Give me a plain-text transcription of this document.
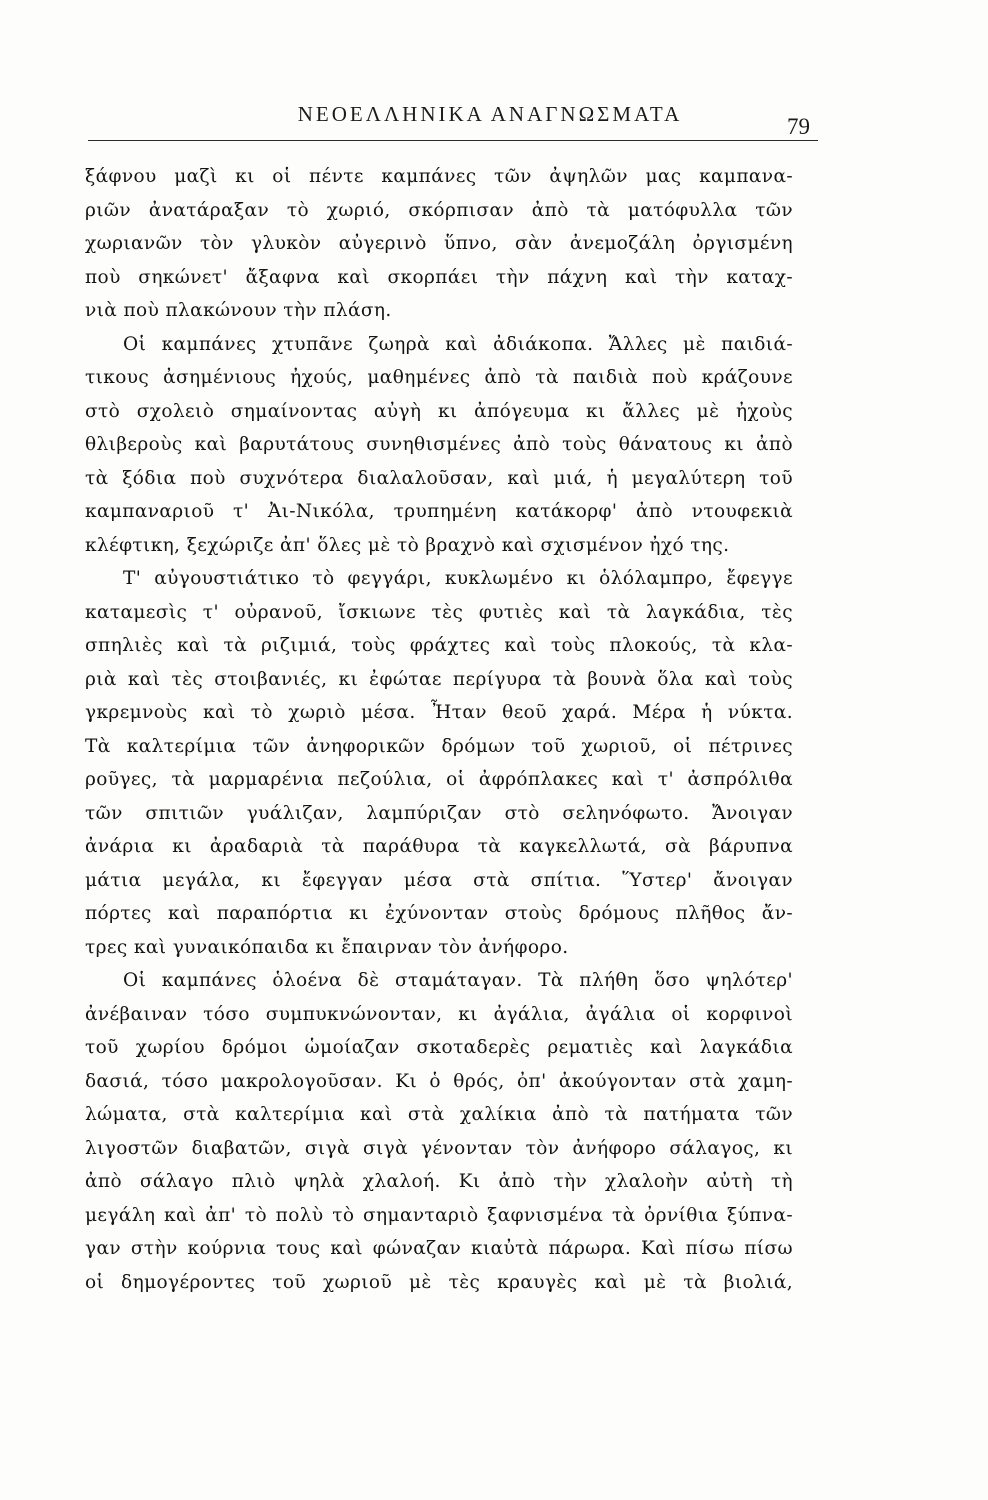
ΝΕΟΕΛΛΗΝΙΚΑ ΑΝΑΓΝΩΣΜΑΤΑ	79
ξάφνου μαζὶ κι οἱ πέντε καμπάνες τῶν ἀψηλῶν μας καμπανα-
ριῶν ἀνατάραξαν τὸ χωριό, σκόρπισαν ἀπὸ τὰ ματόφυλλα τῶν
χωριανῶν τὸν γλυκὸν αὐγερινὸ ὕπνο, σὰν ἀνεμοζάλη ὀργισμένη
ποὺ σηκώνετ' ἄξαφνα καὶ σκορπάει τὴν πάχνη καὶ τὴν καταχ-
νιὰ ποὺ πλακώνουν τὴν πλάση.
Οἱ καμπάνες χτυπᾶνε ζωηρὰ καὶ ἀδιάκοπα. Ἄλλες μὲ παιδιά-
τικους ἀσημένιους ἠχούς, μαθημένες ἀπὸ τὰ παιδιὰ ποὺ κράζουνε
στὸ σχολειὸ σημαίνοντας αὐγὴ κι ἀπόγευμα κι ἄλλες μὲ ἠχοὺς
θλιβεροὺς καὶ βαρυτάτους συνηθισμένες ἀπὸ τοὺς θάνατους κι ἀπὸ
τὰ ξόδια ποὺ συχνότερα διαλαλοῦσαν, καὶ μιά, ἡ μεγαλύτερη τοῦ
καμπαναριοῦ τ' Ἀι-Νικόλα, τρυπημένη κατάκορφ' ἀπὸ ντουφεκιὰ
κλέφτικη, ξεχώριζε ἀπ' ὅλες μὲ τὸ βραχνὸ καὶ σχισμένον ἠχό της.
Τ' αὐγουστιάτικο τὸ φεγγάρι, κυκλωμένο κι ὁλόλαμπρο, ἔφεγγε
καταμεσὶς τ' οὐρανοῦ, ἴσκιωνε τὲς φυτιὲς καὶ τὰ λαγκάδια, τὲς
σπηλιὲς καὶ τὰ ριζιμιά, τοὺς φράχτες καὶ τοὺς πλοκούς, τὰ κλα-
ριὰ καὶ τὲς στοιβανιές, κι ἐφώταε περίγυρα τὰ βουνὰ ὅλα καὶ τοὺς
γκρεμνοὺς καὶ τὸ χωριὸ μέσα. Ἦταν θεοῦ χαρά. Μέρα ἡ νύκτα.
Τὰ καλτερίμια τῶν ἀνηφορικῶν δρόμων τοῦ χωριοῦ, οἱ πέτρινες
ροῦγες, τὰ μαρμαρένια πεζούλια, οἱ ἀφρόπλακες καὶ τ' ἀσπρόλιθα
τῶν σπιτιῶν γυάλιζαν, λαμπύριζαν στὸ σεληνόφωτο. Ἄνοιγαν
ἀνάρια κι ἀραδαριὰ τὰ παράθυρα τὰ καγκελλωτά, σὰ βάρυπνα
μάτια μεγάλα, κι ἔφεγγαν μέσα στὰ σπίτια. Ὕστερ' ἄνοιγαν
πόρτες καὶ παραπόρτια κι ἐχύνονταν στοὺς δρόμους πλῆθος ἄν-
τρες καὶ γυναικόπαιδα κι ἔπαιρναν τὸν ἀνήφορο.
Οἱ καμπάνες ὁλοένα δὲ σταμάταγαν. Τὰ πλήθη ὅσο ψηλότερ'
ἀνέβαιναν τόσο συμπυκνώνονταν, κι ἀγάλια, ἀγάλια οἱ κορφινοὶ
τοῦ χωρίου δρόμοι ὡμοίαζαν σκοταδερὲς ρεματιὲς καὶ λαγκάδια
δασιά, τόσο μακρολογοῦσαν. Κι ὁ θρός, ὀπ' ἀκούγονταν στὰ χαμη-
λώματα, στὰ καλτερίμια καὶ στὰ χαλίκια ἀπὸ τὰ πατήματα τῶν
λιγοστῶν διαβατῶν, σιγὰ σιγὰ γένονταν τὸν ἀνήφορο σάλαγος, κι
ἀπὸ σάλαγο πλιὸ ψηλὰ χλαλοή. Κι ἀπὸ τὴν χλαλοὴν αὐτὴ τὴ
μεγάλη καὶ ἀπ' τὸ πολὺ τὸ σημανταριὸ ξαφνισμένα τὰ ὀρνίθια ξύπνα-
γαν στὴν κούρνια τους καὶ φώναζαν κιαὐτὰ πάρωρα. Καὶ πίσω πίσω
οἱ δημογέροντες τοῦ χωριοῦ μὲ τὲς κραυγὲς καὶ μὲ τὰ βιολιά,
